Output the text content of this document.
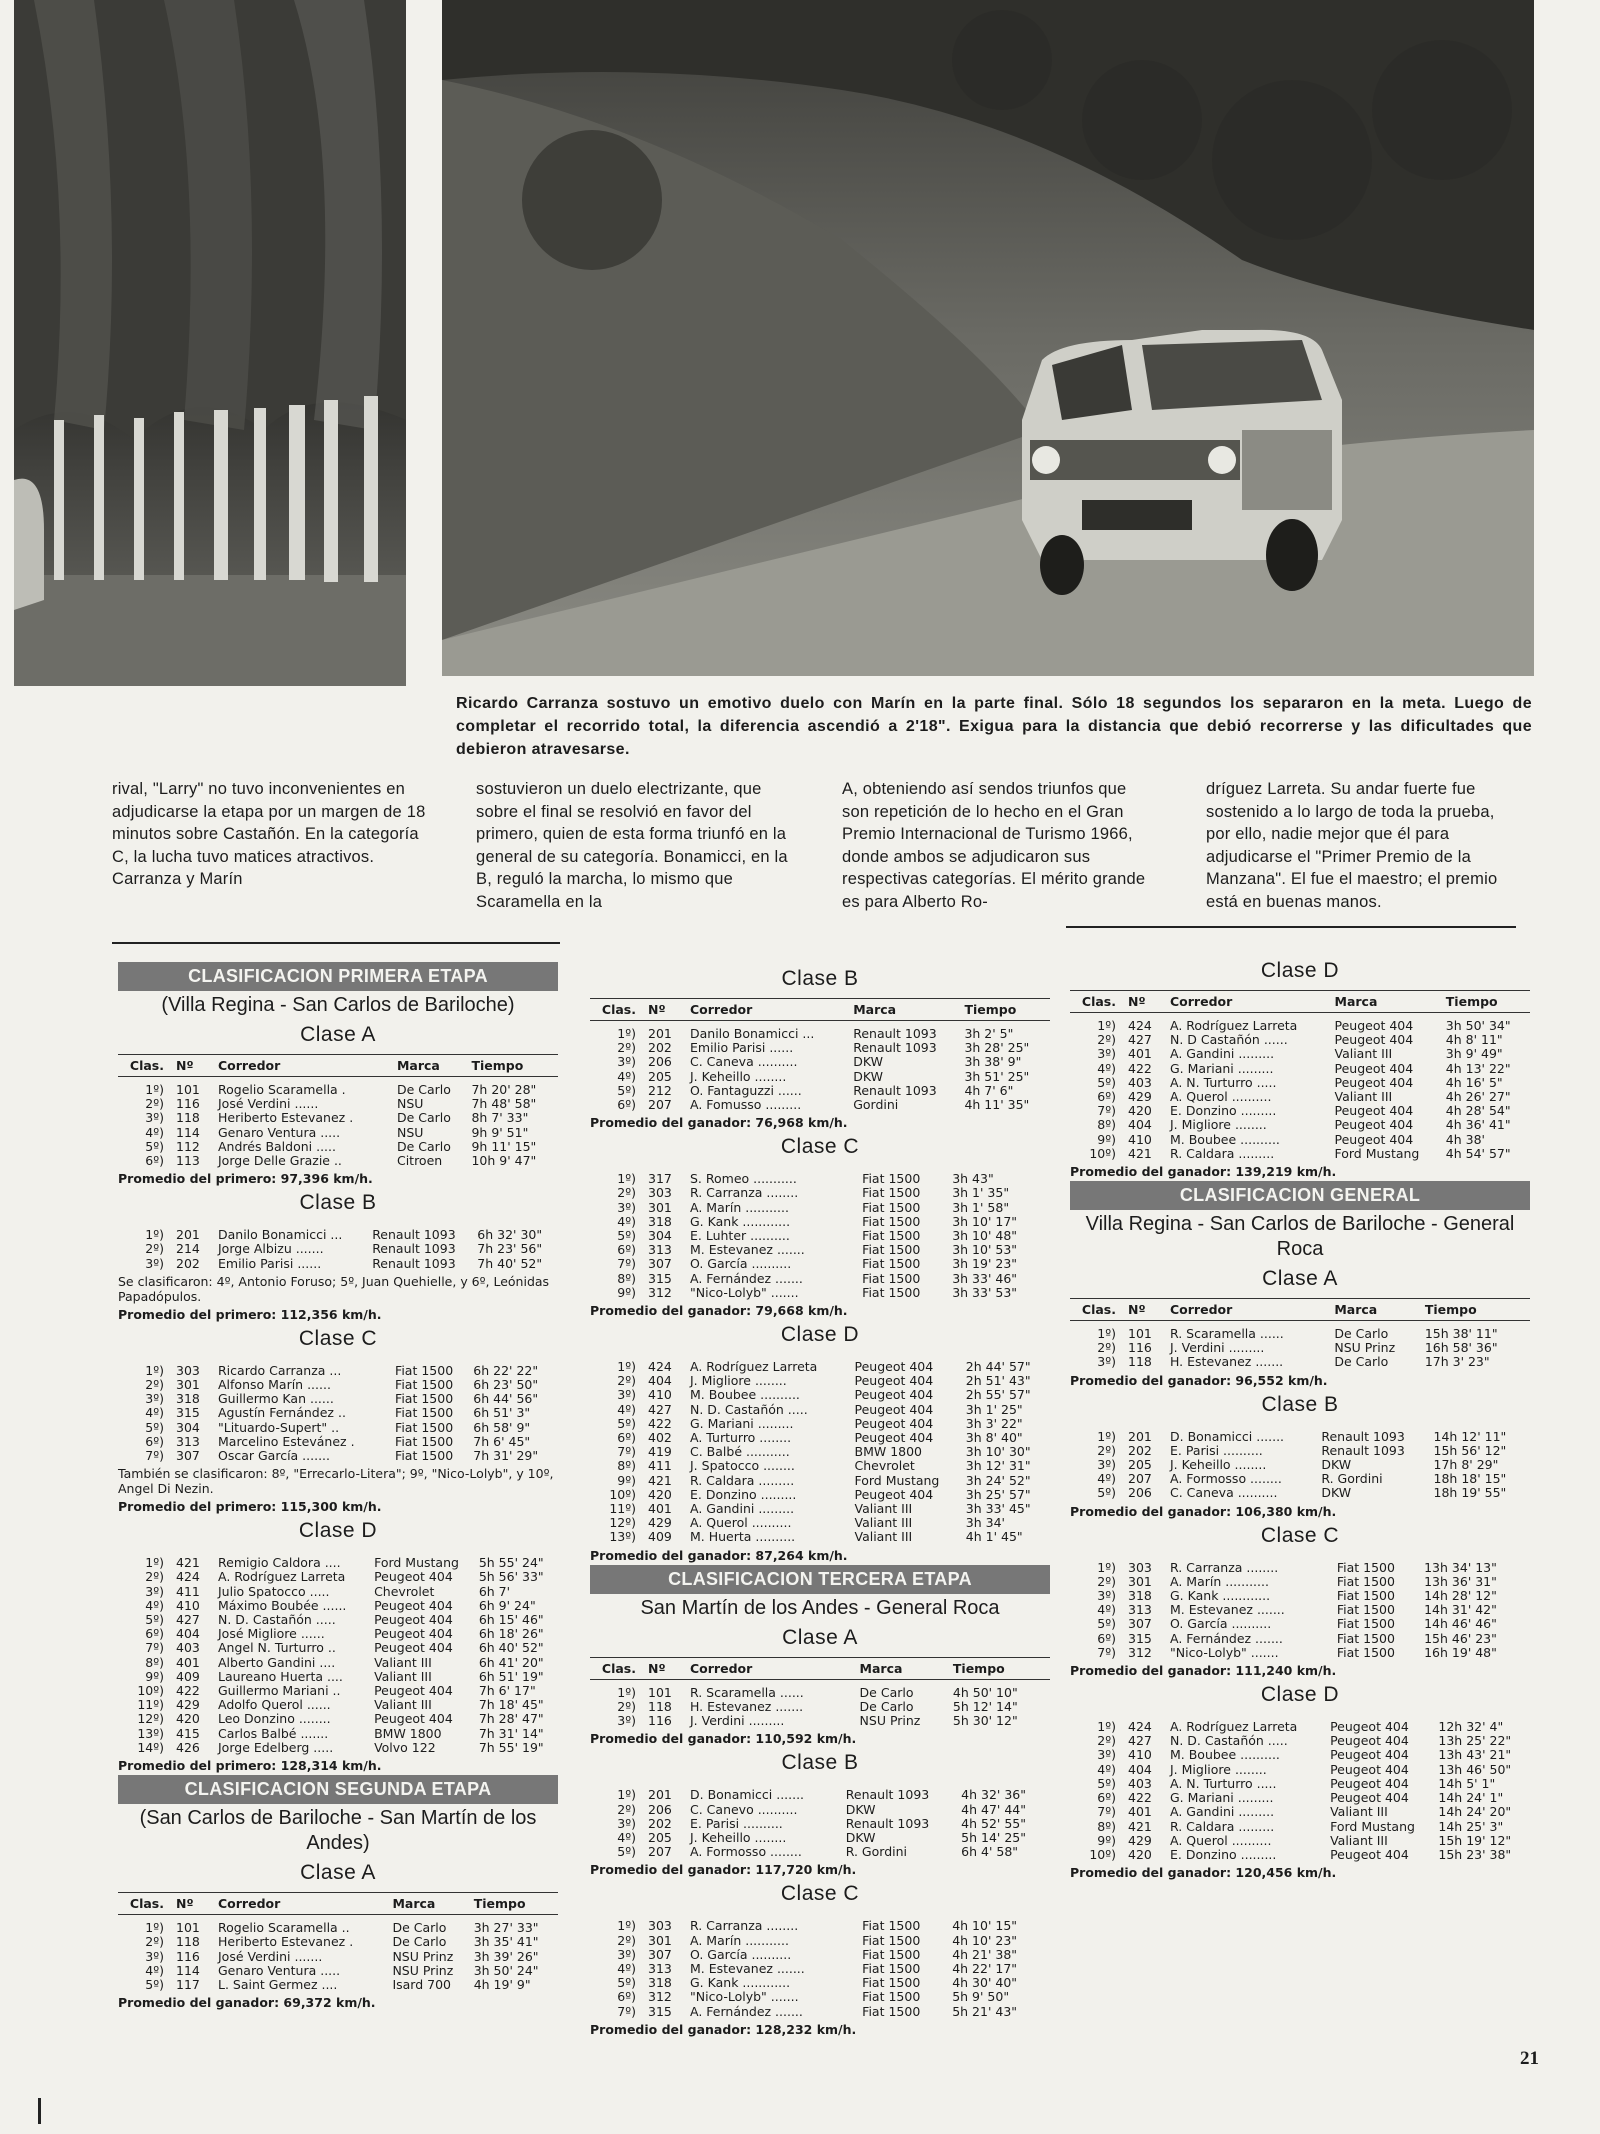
Ricardo Carranza sostuvo un emotivo duelo con Marín en la parte final. Sólo 18 segundos los separaron en la meta. Luego de completar el recorrido total, la diferencia ascendió a 2'18". Exigua para la distancia que debió recorrerse y las dificultades que debieron atravesarse.

rival, "Larry" no tuvo inconvenientes en adjudicarse la etapa por un margen de 18 minutos sobre Castañón. En la categoría C, la lucha tuvo matices atractivos. Carranza y Marín

sostuvieron un duelo electrizante, que sobre el final se resolvió en favor del primero, quien de esta forma triunfó en la general de su categoría. Bonamicci, en la B, reguló la marcha, lo mismo que Scaramella en la

A, obteniendo así sendos triunfos que son repetición de lo hecho en el Gran Premio Internacional de Turismo 1966, donde ambos se adjudicaron sus respectivas categorías. El mérito grande es para Alberto Ro-

dríguez Larreta. Su andar fuerte fue sostenido a lo largo de toda la prueba, por ello, nadie mejor que él para adjudicarse el "Primer Premio de la Manzana". El fue el maestro; el premio está en buenas manos.

CLASIFICACION PRIMERA ETAPA
(Villa Regina - San Carlos de Bariloche)
Clase A
Clas.	Nº	Corredor	Marca	Tiempo
1º)	101	Rogelio Scaramella .	De Carlo	7h 20' 28"
2º)	116	José Verdini ......	NSU	7h 48' 58"
3º)	118	Heriberto Estevanez .	De Carlo	8h 7' 33"
4º)	114	Genaro Ventura .....	NSU	9h 9' 51"
5º)	112	Andrés Baldoni .....	De Carlo	9h 11' 15"
6º)	113	Jorge Delle Grazie ..	Citroen	10h 9' 47"
Promedio del primero: 97,396 km/h.
Clase B
1º)	201	Danilo Bonamicci ...	Renault 1093	6h 32' 30"
2º)	214	Jorge Albizu .......	Renault 1093	7h 23' 56"
3º)	202	Emilio Parisi ......	Renault 1093	7h 40' 52"
Se clasificaron: 4º, Antonio Foruso; 5º, Juan Quehielle, y 6º, Leónidas Papadópulos.
Promedio del primero: 112,356 km/h.
Clase C
1º)	303	Ricardo Carranza ...	Fiat 1500	6h 22' 22"
2º)	301	Alfonso Marín ......	Fiat 1500	6h 23' 50"
3º)	318	Guillermo Kan ......	Fiat 1500	6h 44' 56"
4º)	315	Agustín Fernández ..	Fiat 1500	6h 51' 3"
5º)	304	"Lituardo-Supert" ..	Fiat 1500	6h 58' 9"
6º)	313	Marcelino Estevánez .	Fiat 1500	7h 6' 45"
7º)	307	Oscar García .......	Fiat 1500	7h 31' 29"
También se clasificaron: 8º, "Errecarlo-Litera"; 9º, "Nico-Lolyb", y 10º, Angel Di Nezin.
Promedio del primero: 115,300 km/h.
Clase D
1º)	421	Remigio Caldora ....	Ford Mustang	5h 55' 24"
2º)	424	A. Rodríguez Larreta	Peugeot 404	5h 56' 33"
3º)	411	Julio Spatocco .....	Chevrolet	6h 7'
4º)	410	Máximo Boubée ......	Peugeot 404	6h 9' 24"
5º)	427	N. D. Castañón .....	Peugeot 404	6h 15' 46"
6º)	404	José Migliore ......	Peugeot 404	6h 18' 26"
7º)	403	Angel N. Turturro ..	Peugeot 404	6h 40' 52"
8º)	401	Alberto Gandini ....	Valiant III	6h 41' 20"
9º)	409	Laureano Huerta ....	Valiant III	6h 51' 19"
10º)	422	Guillermo Mariani ..	Peugeot 404	7h 6' 17"
11º)	429	Adolfo Querol ......	Valiant III	7h 18' 45"
12º)	420	Leo Donzino ........	Peugeot 404	7h 28' 47"
13º)	415	Carlos Balbé .......	BMW 1800	7h 31' 14"
14º)	426	Jorge Edelberg .....	Volvo 122	7h 55' 19"
Promedio del primero: 128,314 km/h.
CLASIFICACION SEGUNDA ETAPA
(San Carlos de Bariloche - San Martín de los Andes)
Clase A
Clas.	Nº	Corredor	Marca	Tiempo
1º)	101	Rogelio Scaramella ..	De Carlo	3h 27' 33"
2º)	118	Heriberto Estevanez .	De Carlo	3h 35' 41"
3º)	116	José Verdini .......	NSU Prinz	3h 39' 26"
4º)	114	Genaro Ventura .....	NSU Prinz	3h 50' 24"
5º)	117	L. Saint Germez ....	Isard 700	4h 19' 9"
Promedio del ganador: 69,372 km/h.
Clase B
Clas.	Nº	Corredor	Marca	Tiempo
1º)	201	Danilo Bonamicci ...	Renault 1093	3h 2' 5"
2º)	202	Emilio Parisi ......	Renault 1093	3h 28' 25"
3º)	206	C. Caneva ..........	DKW	3h 38' 9"
4º)	205	J. Keheillo ........	DKW	3h 51' 25"
5º)	212	O. Fantaguzzi ......	Renault 1093	4h 7' 6"
6º)	207	A. Fomusso .........	Gordini	4h 11' 35"
Promedio del ganador: 76,968 km/h.
Clase C
1º)	317	S. Romeo ...........	Fiat 1500	3h 43"
2º)	303	R. Carranza ........	Fiat 1500	3h 1' 35"
3º)	301	A. Marín ...........	Fiat 1500	3h 1' 58"
4º)	318	G. Kank ............	Fiat 1500	3h 10' 17"
5º)	304	E. Luhter ..........	Fiat 1500	3h 10' 48"
6º)	313	M. Estevanez .......	Fiat 1500	3h 10' 53"
7º)	307	O. García ..........	Fiat 1500	3h 19' 23"
8º)	315	A. Fernández .......	Fiat 1500	3h 33' 46"
9º)	312	"Nico-Lolyb" .......	Fiat 1500	3h 33' 53"
Promedio del ganador: 79,668 km/h.
Clase D
1º)	424	A. Rodríguez Larreta	Peugeot 404	2h 44' 57"
2º)	404	J. Migliore ........	Peugeot 404	2h 51' 43"
3º)	410	M. Boubee ..........	Peugeot 404	2h 55' 57"
4º)	427	N. D. Castañón .....	Peugeot 404	3h 1' 25"
5º)	422	G. Mariani .........	Peugeot 404	3h 3' 22"
6º)	402	A. Turturro ........	Peugeot 404	3h 8' 40"
7º)	419	C. Balbé ...........	BMW 1800	3h 10' 30"
8º)	411	J. Spatocco ........	Chevrolet	3h 12' 31"
9º)	421	R. Caldara .........	Ford Mustang	3h 24' 52"
10º)	420	E. Donzino .........	Peugeot 404	3h 25' 57"
11º)	401	A. Gandini .........	Valiant III	3h 33' 45"
12º)	429	A. Querol ..........	Valiant III	3h 34'
13º)	409	M. Huerta ..........	Valiant III	4h 1' 45"
Promedio del ganador: 87,264 km/h.
CLASIFICACION TERCERA ETAPA
San Martín de los Andes - General Roca
Clase A
Clas.	Nº	Corredor	Marca	Tiempo
1º)	101	R. Scaramella ......	De Carlo	4h 50' 10"
2º)	118	H. Estevanez .......	De Carlo	5h 12' 14"
3º)	116	J. Verdini .........	NSU Prinz	5h 30' 12"
Promedio del ganador: 110,592 km/h.
Clase B
1º)	201	D. Bonamicci .......	Renault 1093	4h 32' 36"
2º)	206	C. Canevo ..........	DKW	4h 47' 44"
3º)	202	E. Parisi ..........	Renault 1093	4h 52' 55"
4º)	205	J. Keheillo ........	DKW	5h 14' 25"
5º)	207	A. Formosso ........	R. Gordini	6h 4' 58"
Promedio del ganador: 117,720 km/h.
Clase C
1º)	303	R. Carranza ........	Fiat 1500	4h 10' 15"
2º)	301	A. Marín ...........	Fiat 1500	4h 10' 23"
3º)	307	O. García ..........	Fiat 1500	4h 21' 38"
4º)	313	M. Estevanez .......	Fiat 1500	4h 22' 17"
5º)	318	G. Kank ............	Fiat 1500	4h 30' 40"
6º)	312	"Nico-Lolyb" .......	Fiat 1500	5h 9' 50"
7º)	315	A. Fernández .......	Fiat 1500	5h 21' 43"
Promedio del ganador: 128,232 km/h.
Clase D
Clas.	Nº	Corredor	Marca	Tiempo
1º)	424	A. Rodríguez Larreta	Peugeot 404	3h 50' 34"
2º)	427	N. D Castañón ......	Peugeot 404	4h 8' 11"
3º)	401	A. Gandini .........	Valiant III	3h 9' 49"
4º)	422	G. Mariani .........	Peugeot 404	4h 13' 22"
5º)	403	A. N. Turturro .....	Peugeot 404	4h 16' 5"
6º)	429	A. Querol ..........	Valiant III	4h 26' 27"
7º)	420	E. Donzino .........	Peugeot 404	4h 28' 54"
8º)	404	J. Migliore ........	Peugeot 404	4h 36' 41"
9º)	410	M. Boubee ..........	Peugeot 404	4h 38'
10º)	421	R. Caldara .........	Ford Mustang	4h 54' 57"
Promedio del ganador: 139,219 km/h.
CLASIFICACION GENERAL
Villa Regina - San Carlos de Bariloche - General Roca
Clase A
Clas.	Nº	Corredor	Marca	Tiempo
1º)	101	R. Scaramella ......	De Carlo	15h 38' 11"
2º)	116	J. Verdini .........	NSU Prinz	16h 58' 36"
3º)	118	H. Estevanez .......	De Carlo	17h 3' 23"
Promedio del ganador: 96,552 km/h.
Clase B
1º)	201	D. Bonamicci .......	Renault 1093	14h 12' 11"
2º)	202	E. Parisi ..........	Renault 1093	15h 56' 12"
3º)	205	J. Keheillo ........	DKW	17h 8' 29"
4º)	207	A. Formosso ........	R. Gordini	18h 18' 15"
5º)	206	C. Caneva ..........	DKW	18h 19' 55"
Promedio del ganador: 106,380 km/h.
Clase C
1º)	303	R. Carranza ........	Fiat 1500	13h 34' 13"
2º)	301	A. Marín ...........	Fiat 1500	13h 36' 31"
3º)	318	G. Kank ............	Fiat 1500	14h 28' 12"
4º)	313	M. Estevanez .......	Fiat 1500	14h 31' 42"
5º)	307	O. García ..........	Fiat 1500	14h 46' 46"
6º)	315	A. Fernández .......	Fiat 1500	15h 46' 23"
7º)	312	"Nico-Lolyb" .......	Fiat 1500	16h 19' 48"
Promedio del ganador: 111,240 km/h.
Clase D
1º)	424	A. Rodríguez Larreta	Peugeot 404	12h 32' 4"
2º)	427	N. D. Castañón .....	Peugeot 404	13h 25' 22"
3º)	410	M. Boubee ..........	Peugeot 404	13h 43' 21"
4º)	404	J. Migliore ........	Peugeot 404	13h 46' 50"
5º)	403	A. N. Turturro .....	Peugeot 404	14h 5' 1"
6º)	422	G. Mariani .........	Peugeot 404	14h 24' 1"
7º)	401	A. Gandini .........	Valiant III	14h 24' 20"
8º)	421	R. Caldara .........	Ford Mustang	14h 25' 3"
9º)	429	A. Querol ..........	Valiant III	15h 19' 12"
10º)	420	E. Donzino .........	Peugeot 404	15h 23' 38"
Promedio del ganador: 120,456 km/h.
21
